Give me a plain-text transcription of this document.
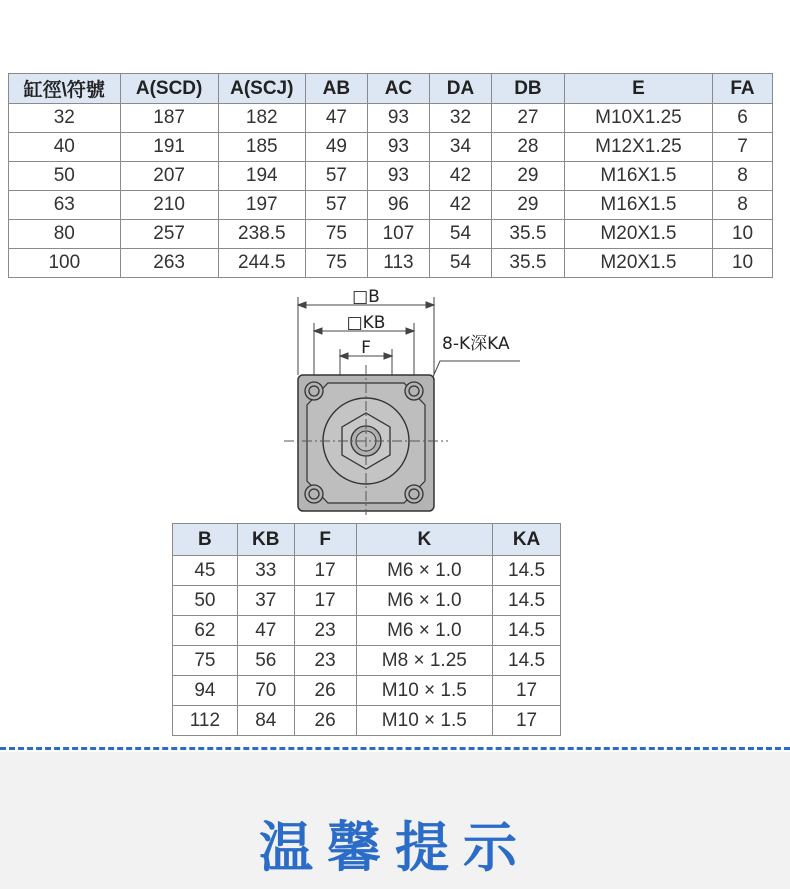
缸徑\符號	A(SCD)	A(SCJ)	AB	AC	DA	DB	E	FA
32	187	182	47	93	32	27	M10X1.25	6
40	191	185	49	93	34	28	M12X1.25	7
50	207	194	57	93	42	29	M16X1.5	8
63	210	197	57	96	42	29	M16X1.5	8
80	257	238.5	75	107	54	35.5	M20X1.5	10
100	263	244.5	75	113	54	35.5	M20X1.5	10
□B
□KB
F	8-K深KA
B	KB	F	K	KA
45	33	17	M6 × 1.0	14.5
50	37	17	M6 × 1.0	14.5
62	47	23	M6 × 1.0	14.5
75	56	23	M8 × 1.25	14.5
94	70	26	M10 × 1.5	17
112	84	26	M10 × 1.5	17
温馨提示
